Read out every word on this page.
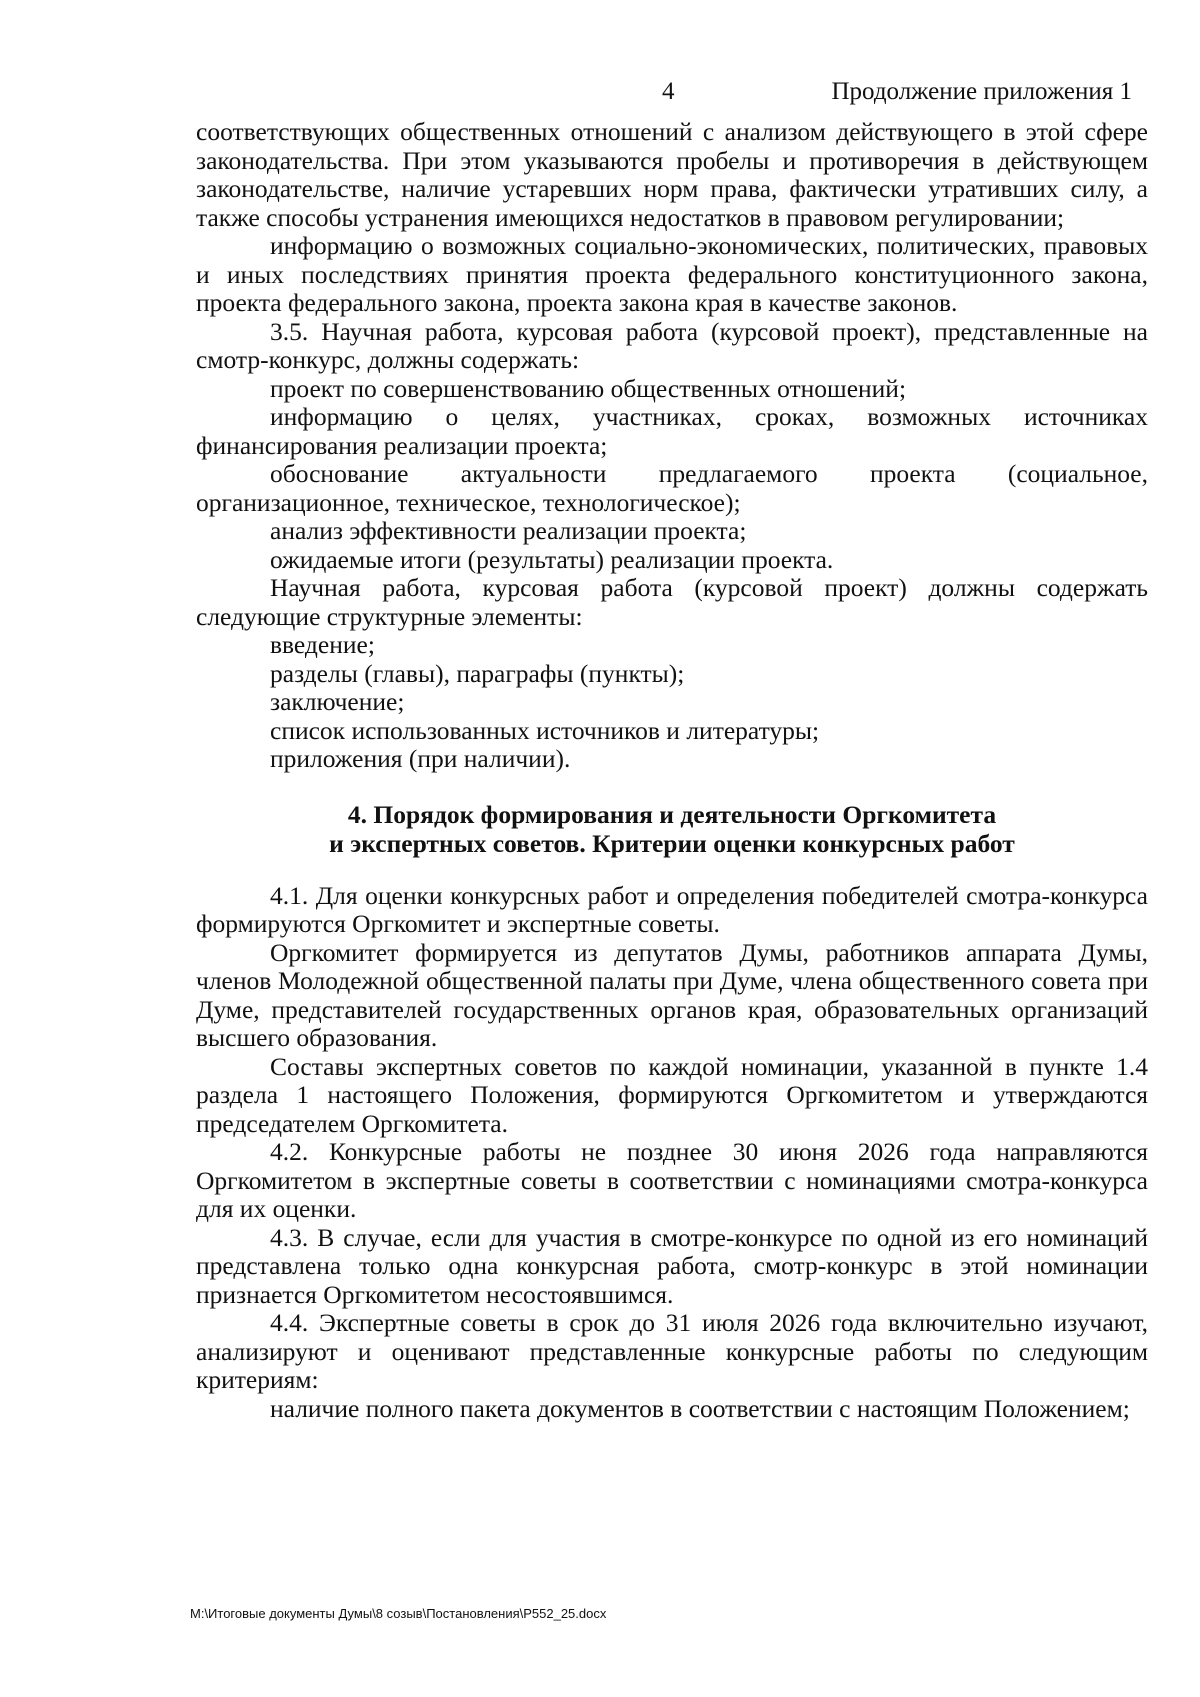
4	Продолжение приложения 1

соответствующих общественных отношений с анализом действующего в этой сфере законодательства. При этом указываются пробелы и противоречия в действующем законодательстве, наличие устаревших норм права, фактически утративших силу, а также способы устранения имеющихся недостатков в правовом регулировании;

информацию о возможных социально-экономических, политических, правовых и иных последствиях принятия проекта федерального конституционного закона, проекта федерального закона, проекта закона края в качестве законов.

3.5. Научная работа, курсовая работа (курсовой проект), представленные на смотр-конкурс, должны содержать:

проект по совершенствованию общественных отношений;

информацию о целях, участниках, сроках, возможных источниках финансирования реализации проекта;

обоснование актуальности предлагаемого проекта (социальное, организационное, техническое, технологическое);

анализ эффективности реализации проекта;

ожидаемые итоги (результаты) реализации проекта.

Научная работа, курсовая работа (курсовой проект) должны содержать следующие структурные элементы:

введение;

разделы (главы), параграфы (пункты);

заключение;

список использованных источников и литературы;

приложения (при наличии).

4. Порядок формирования и деятельности Оргкомитета
и экспертных советов. Критерии оценки конкурсных работ

4.1. Для оценки конкурсных работ и определения победителей смотра-конкурса формируются Оргкомитет и экспертные советы.

Оргкомитет формируется из депутатов Думы, работников аппарата Думы, членов Молодежной общественной палаты при Думе, члена общественного совета при Думе, представителей государственных органов края, образовательных организаций высшего образования.

Составы экспертных советов по каждой номинации, указанной в пункте 1.4 раздела 1 настоящего Положения, формируются Оргкомитетом и утверждаются председателем Оргкомитета.

4.2. Конкурсные работы не позднее 30 июня 2026 года направляются Оргкомитетом в экспертные советы в соответствии с номинациями смотра-конкурса для их оценки.

4.3. В случае, если для участия в смотре-конкурсе по одной из его номинаций представлена только одна конкурсная работа, смотр-конкурс в этой номинации признается Оргкомитетом несостоявшимся.

4.4. Экспертные советы в срок до 31 июля 2026 года включительно изучают, анализируют и оценивают представленные конкурсные работы по следующим критериям:

наличие полного пакета документов в соответствии с настоящим Положением;

M:\Итоговые документы Думы\8 созыв\Постановления\P552_25.docx
